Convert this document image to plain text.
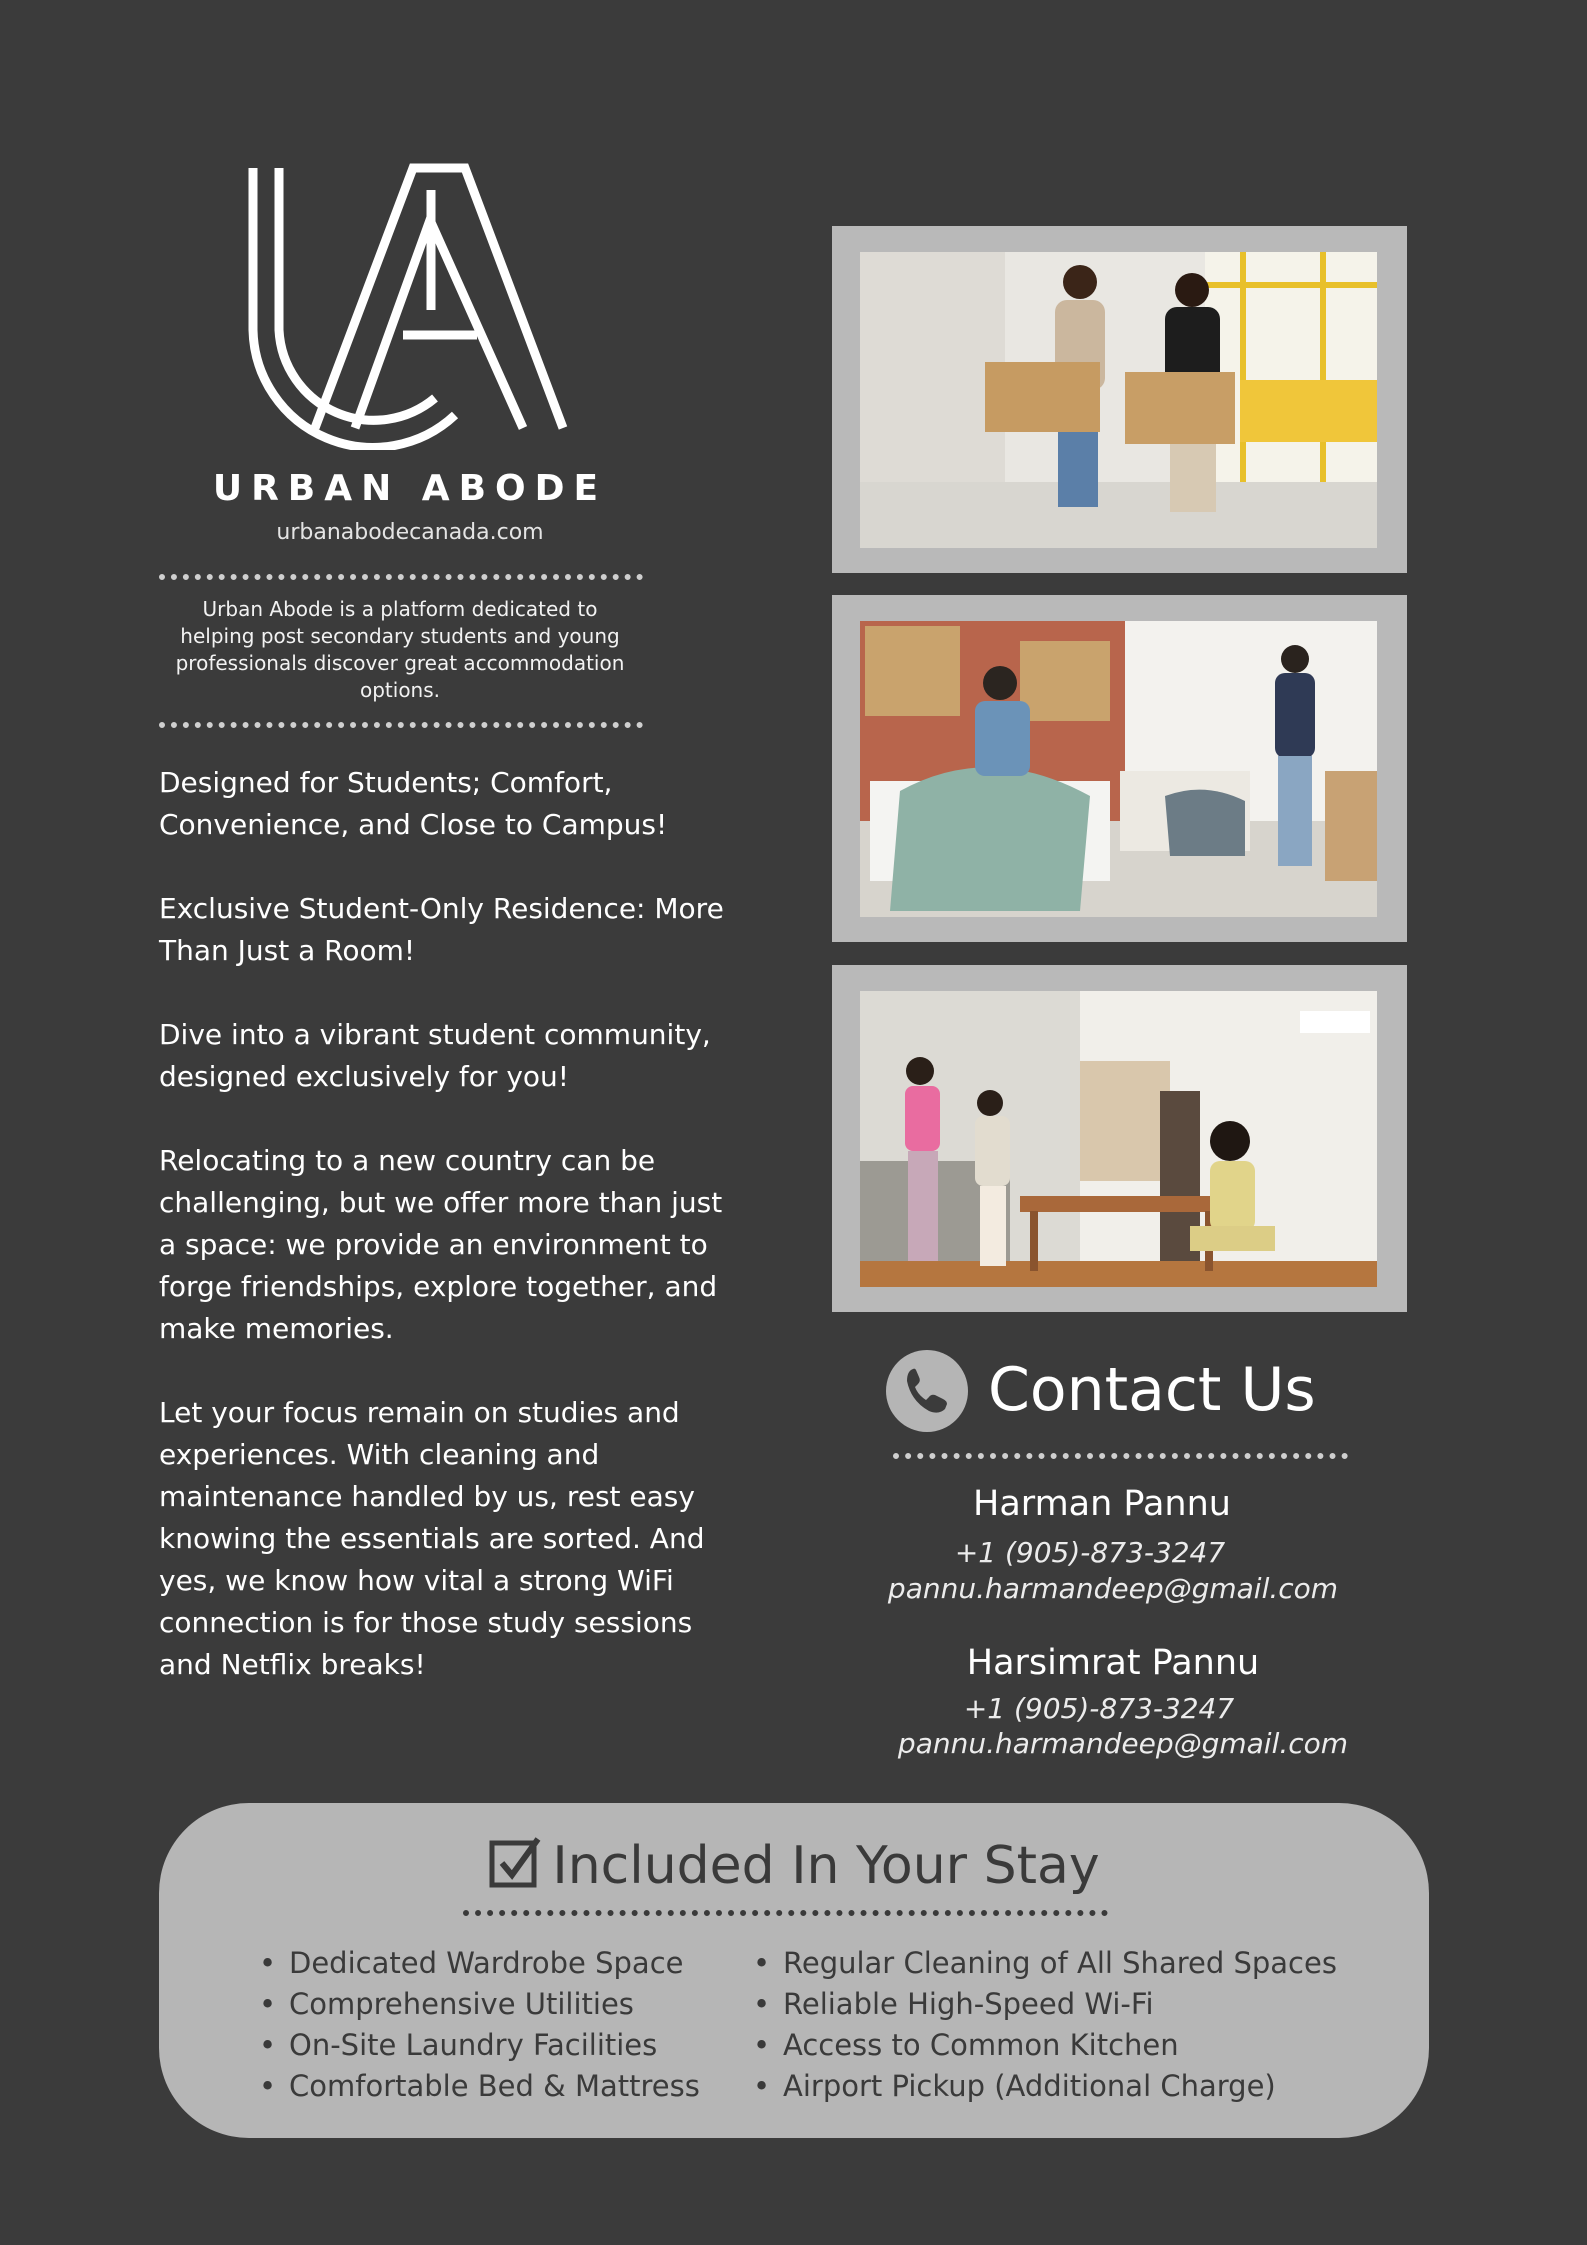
URBAN ABODE
urbanabodecanada.com
Urban Abode is a platform dedicated to helping post secondary students and young professionals discover great accommodation options.

Designed for Students; Comfort, Convenience, and Close to Campus!

Exclusive Student-Only Residence: More Than Just a Room!

Dive into a vibrant student community, designed exclusively for you!

Relocating to a new country can be challenging, but we offer more than just a space: we provide an environment to forge friendships, explore together, and make memories.

Let your focus remain on studies and experiences. With cleaning and maintenance handled by us, rest easy knowing the essentials are sorted. And yes, we know how vital a strong WiFi connection is for those study sessions and Netflix breaks!

Contact Us
Harman Pannu
+1 (905)-873-3247
pannu.harmandeep@gmail.com
Harsimrat Pannu
+1 (905)-873-3247
pannu.harmandeep@gmail.com
Included In Your Stay
• Dedicated Wardrobe Space
• Comprehensive Utilities
• On-Site Laundry Facilities
• Comfortable Bed & Mattress
• Regular Cleaning of All Shared Spaces
• Reliable High-Speed Wi-Fi
• Access to Common Kitchen
• Airport Pickup (Additional Charge)
